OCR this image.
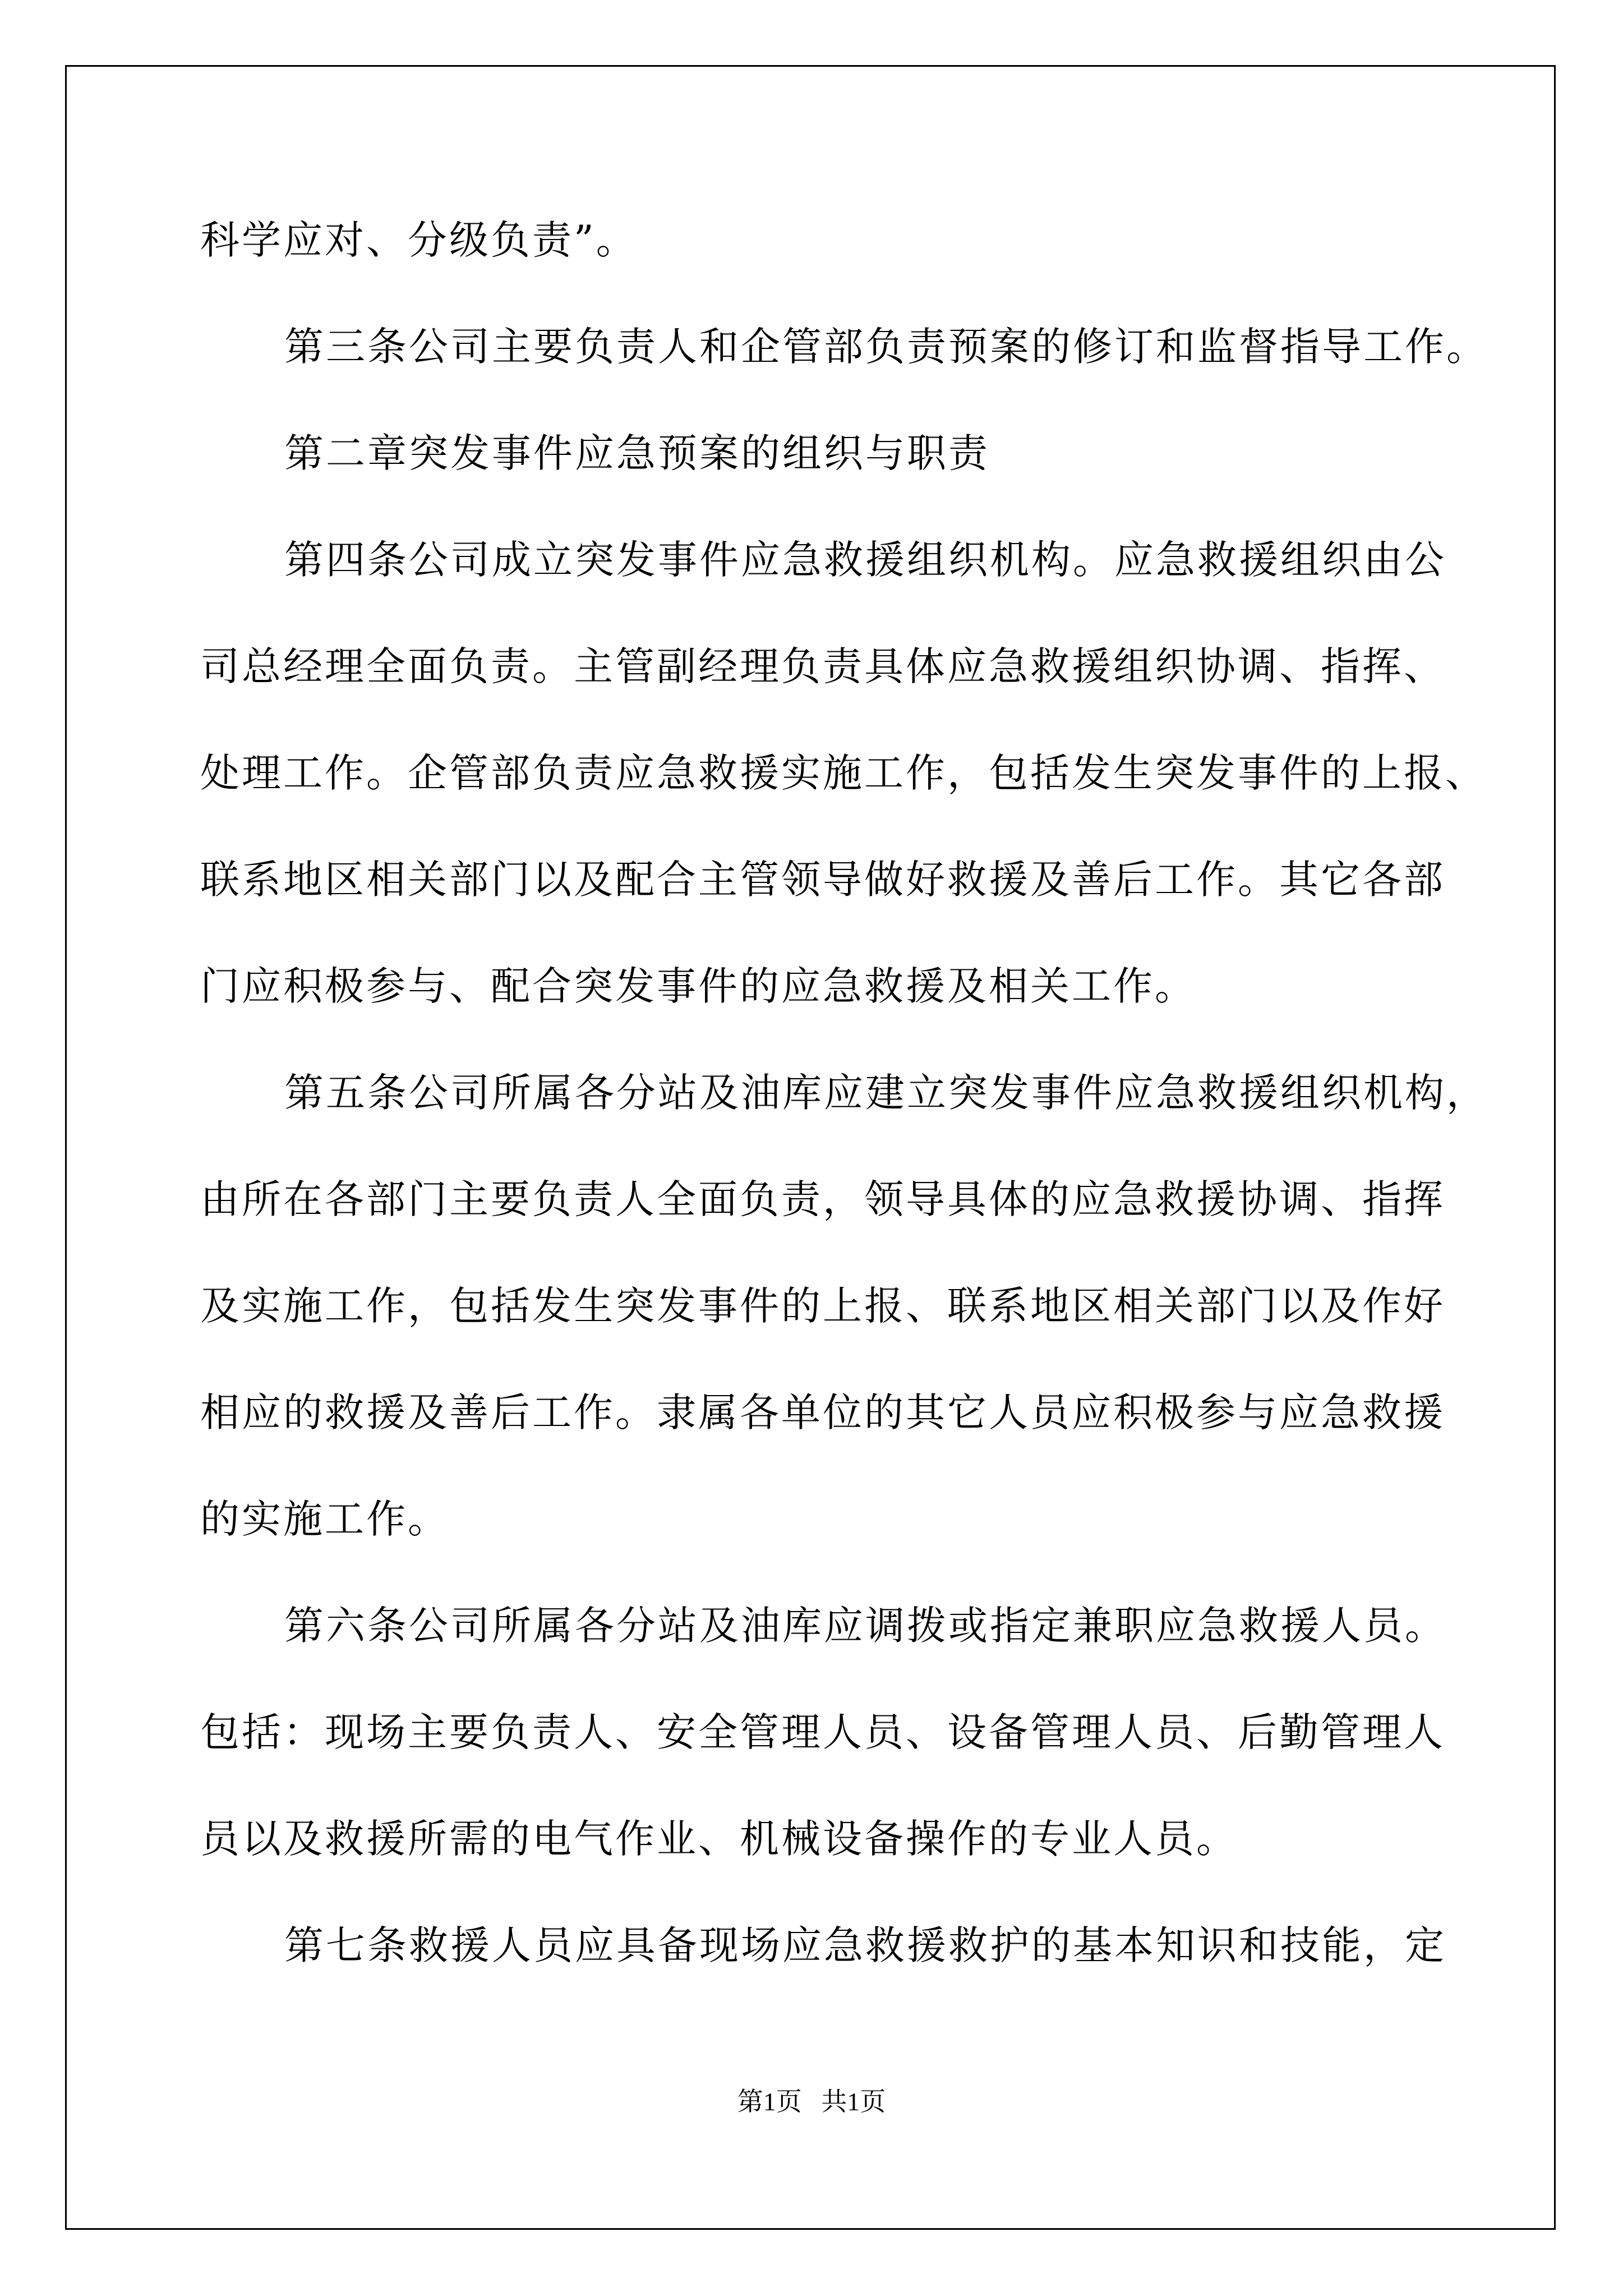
科学应对、分级负责”。
第三条公司主要负责人和企管部负责预案的修订和监督指导工作。
第二章突发事件应急预案的组织与职责
第四条公司成立突发事件应急救援组织机构。应急救援组织由公
司总经理全面负责。主管副经理负责具体应急救援组织协调、指挥、
处理工作。企管部负责应急救援实施工作，包括发生突发事件的上报、
联系地区相关部门以及配合主管领导做好救援及善后工作。其它各部
门应积极参与、配合突发事件的应急救援及相关工作。
第五条公司所属各分站及油库应建立突发事件应急救援组织机构，
由所在各部门主要负责人全面负责，领导具体的应急救援协调、指挥
及实施工作，包括发生突发事件的上报、联系地区相关部门以及作好
相应的救援及善后工作。隶属各单位的其它人员应积极参与应急救援
的实施工作。
第六条公司所属各分站及油库应调拨或指定兼职应急救援人员。
包括：现场主要负责人、安全管理人员、设备管理人员、后勤管理人
员以及救援所需的电气作业、机械设备操作的专业人员。
第七条救援人员应具备现场应急救援救护的基本知识和技能，定
第1页   共1页
